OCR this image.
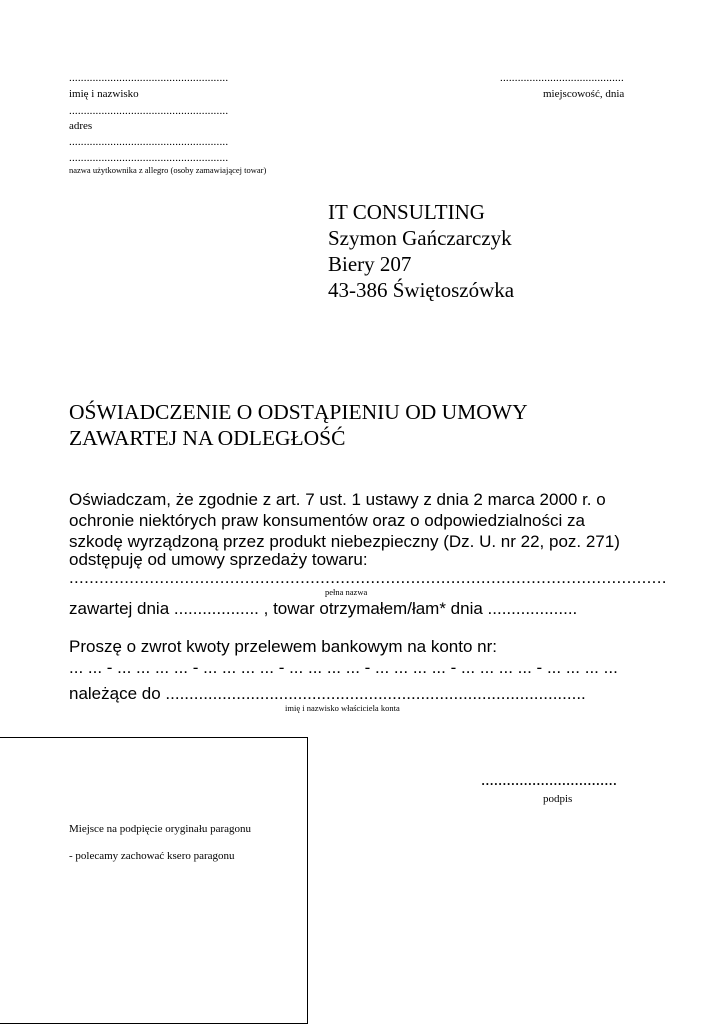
......................................................
imię i nazwisko
......................................................
adres
......................................................
......................................................
nazwa użytkownika z allegro (osoby zamawiającej towar)
..........................................
miejscowość, dnia
IT CONSULTING
Szymon Gańczarczyk
Biery 207
43-386 Świętoszówka
OŚWIADCZENIE O ODSTĄPIENIU OD UMOWY
ZAWARTEJ NA ODLEGŁOŚĆ
Oświadczam, że zgodnie z art. 7 ust. 1 ustawy z dnia 2 marca 2000 r. o
ochronie niektórych praw konsumentów oraz o odpowiedzialności za
szkodę wyrządzoną przez produkt niebezpieczny (Dz. U. nr 22, poz. 271)
odstępuję od umowy sprzedaży towaru:
.......................................................................................................................
pełna nazwa
zawartej dnia .................. , towar otrzymałem/łam* dnia ...................
Proszę o zwrot kwoty przelewem bankowym na konto nr:
... ... - ... ... ... ... - ... ... ... ... - ... ... ... ... - ... ... ... ... - ... ... ... ... - ... ... ... ...
należące do .........................................................................................
imię i nazwisko właściciela konta
................................
podpis
Miejsce na podpięcie oryginału paragonu
- polecamy zachować ksero paragonu
